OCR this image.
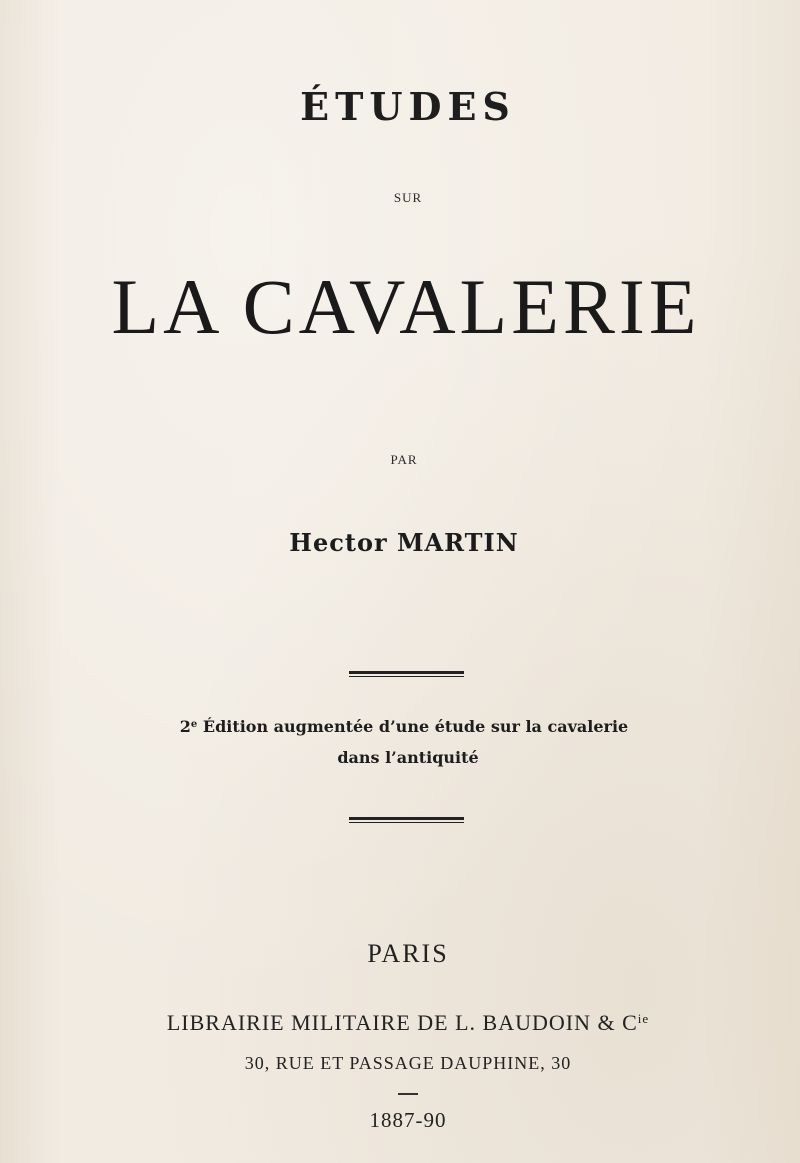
ÉTUDES
SUR
LA CAVALERIE
PAR
Hector MARTIN
2e Édition augmentée d’une étude sur la cavalerie
dans l’antiquité
PARIS
LIBRAIRIE MILITAIRE DE L. BAUDOIN & $C^{ie}$
30, RUE ET PASSAGE DAUPHINE, 30
1887-90
